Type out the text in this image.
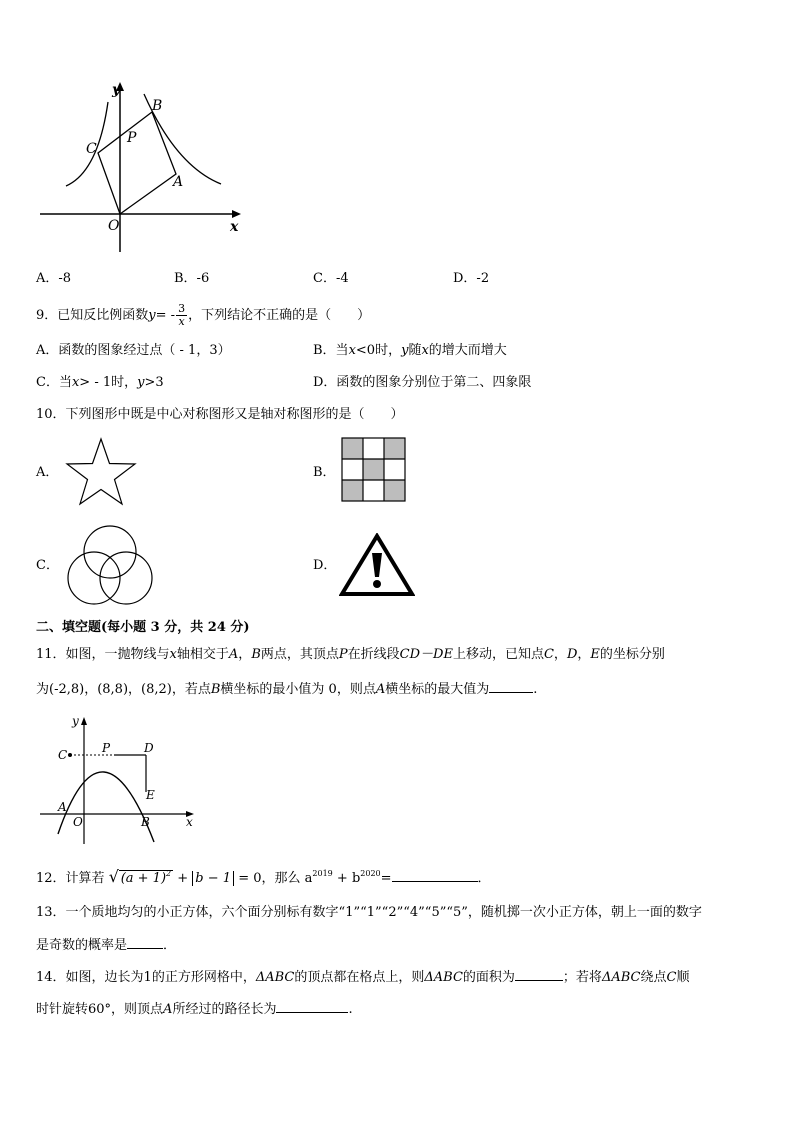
y
x
O
A
B
C
P
A．-8	B．-6	C．-4	D．-2
9．已知反比例函数$y= - \frac{3}{x}$ ，下列结论不正确的是（　　）
A．函数的图象经过点（ - 1，3）	B．当x<0时，y随x的增大而增大
C．当x> - 1时，y>3	D．函数的图象分别位于第二、四象限
10．下列图形中既是中心对称图形又是轴对称图形的是（　　）
A．	B．
C．	D．
二、填空题(每小题 3 分，共 24 分)
11．如图，一抛物线与x轴相交于A，B两点，其顶点P在折线段CD－DE上移动，已知点C，D，E的坐标分别
为(-2,8)，(8,8)，(8,2)，若点B横坐标的最小值为 0，则点A横坐标的最大值为	.
y
x
C	P	D
E
A
O	B
12．计算若 √ $(a + 1)^2 + b - 1 = 0$，那么 $a^{2019} + b^{2020}=$	．
13．一个质地均匀的小正方体，六个面分别标有数字“1”“1”“2”“4”“5”“5”，随机掷一次小正方体，朝上一面的数字
是奇数的概率是	．
14．如图，边长为1的正方形网格中，ΔABC的顶点都在格点上，则ΔABC的面积为	；若将ΔABC绕点C顺
时针旋转60°，则顶点A所经过的路径长为	.
